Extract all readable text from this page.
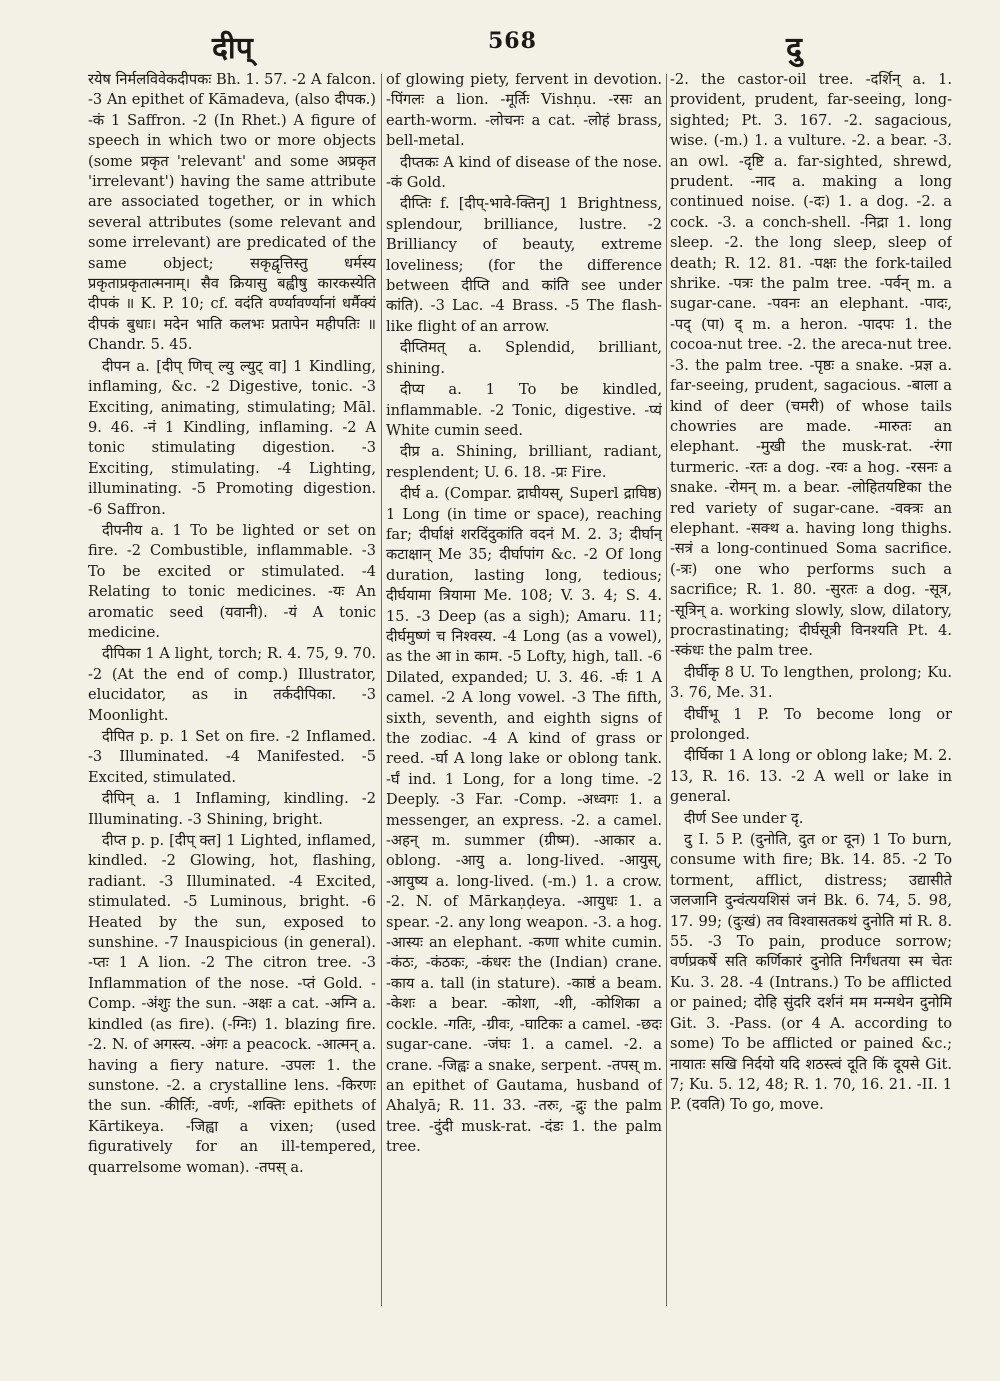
दीप्	568	दु

रयेष निर्मलविवेकदीपकः Bh. 1. 57. -2 A falcon. -3 An epithet of Kāmadeva, (also दीपक.) -कं 1 Saffron. -2 (In Rhet.) A figure of speech in which two or more objects (some प्रकृत 'relevant' and some अप्रकृत 'irrelevant') having the same attribute are associated together, or in which several attributes (some relevant and some irrelevant) are predicated of the same object; सकृद्वृत्तिस्तु धर्मस्य प्रकृताप्रकृतात्मनाम्। सैव क्रियासु बह्वीषु कारकस्येति दीपकं ॥ K. P. 10; cf. वदंति वर्ण्यावर्ण्यानां धर्मैक्यं दीपकं बुधाः। मदेन भाति कलभः प्रतापेन महीपतिः ॥ Chandr. 5. 45.

दीपन a. [दीप् णिच् ल्यु ल्युट् वा] 1 Kindling, inflaming, &c. -2 Digestive, tonic. -3 Exciting, animating, stimulating; Māl. 9. 46. -नं 1 Kindling, inflaming. -2 A tonic stimulating digestion. -3 Exciting, stimulating. -4 Lighting, illuminating. -5 Promoting digestion. -6 Saffron.

दीपनीय a. 1 To be lighted or set on fire. -2 Combustible, inflammable. -3 To be excited or stimulated. -4 Relating to tonic medicines. -यः An aromatic seed (यवानी). -यं A tonic medicine.

दीपिका 1 A light, torch; R. 4. 75, 9. 70. -2 (At the end of comp.) Illustrator, elucidator, as in तर्कदीपिका. -3 Moonlight.

दीपित p. p. 1 Set on fire. -2 Inflamed. -3 Illuminated. -4 Manifested. -5 Excited, stimulated.

दीपिन् a. 1 Inflaming, kindling. -2 Illuminating. -3 Shining, bright.

दीप्त p. p. [दीप् क्त] 1 Lighted, inflamed, kindled. -2 Glowing, hot, flashing, radiant. -3 Illuminated. -4 Excited, stimulated. -5 Luminous, bright. -6 Heated by the sun, exposed to sunshine. -7 Inauspicious (in general). -प्तः 1 A lion. -2 The citron tree. -3 Inflammation of the nose. -प्तं Gold. -Comp. -अंशुः the sun. -अक्षः a cat. -अग्नि a. kindled (as fire). (-ग्निः) 1. blazing fire. -2. N. of अगस्त्य. -अंगः a peacock. -आत्मन् a. having a fiery nature. -उपलः 1. the sunstone. -2. a crystalline lens. -किरणः the sun. -कीर्तिः, -वर्णः, -शक्तिः epithets of Kārtikeya. -जिह्वा a vixen; (used figuratively for an ill-tempered, quarrelsome woman). -तपस् a.

of glowing piety, fervent in devotion. -पिंगलः a lion. -मूर्तिः Vishṇu. -रसः an earth-worm. -लोचनः a cat. -लोहं brass, bell-metal.

दीप्तकः A kind of disease of the nose. -कं Gold.

दीप्तिः f. [दीप्-भावे-क्तिन्] 1 Brightness, splendour, brilliance, lustre. -2 Brilliancy of beauty, extreme loveliness; (for the difference between दीप्ति and कांति see under कांति). -3 Lac. -4 Brass. -5 The flash-like flight of an arrow.

दीप्तिमत् a. Splendid, brilliant, shining.

दीप्य a. 1 To be kindled, inflammable. -2 Tonic, digestive. -प्यं White cumin seed.

दीप्र a. Shining, brilliant, radiant, resplendent; U. 6. 18. -प्रः Fire.

दीर्घ a. (Compar. द्राघीयस्, Superl द्राघिष्ठ) 1 Long (in time or space), reaching far; दीर्घाक्षं शरदिंदुकांति वदनं M. 2. 3; दीर्घान् कटाक्षान् Me 35; दीर्घापांग &c. -2 Of long duration, lasting long, tedious; दीर्घयामा त्रियामा Me. 108; V. 3. 4; S. 4. 15. -3 Deep (as a sigh); Amaru. 11; दीर्घमुष्णं च निश्वस्य. -4 Long (as a vowel), as the आ in काम. -5 Lofty, high, tall. -6 Dilated, expanded; U. 3. 46. -र्घः 1 A camel. -2 A long vowel. -3 The fifth, sixth, seventh, and eighth signs of the zodiac. -4 A kind of grass or reed. -र्घा A long lake or oblong tank. -र्घं ind. 1 Long, for a long time. -2 Deeply. -3 Far. -Comp. -अध्वगः 1. a messenger, an express. -2. a camel. -अहन् m. summer (ग्रीष्म). -आकार a. oblong. -आयु a. long-lived. -आयुस्, -आयुष्य a. long-lived. (-m.) 1. a crow. -2. N. of Mārkaṇḍeya. -आयुधः 1. a spear. -2. any long weapon. -3. a hog. -आस्यः an elephant. -कणा white cumin. -कंठः, -कंठकः, -कंधरः the (Indian) crane. -काय a. tall (in stature). -काष्ठं a beam. -केशः a bear. -कोशा, -शी, -कोशिका a cockle. -गतिः, -ग्रीवः, -घाटिकः a camel. -छदः sugar-cane. -जंघः 1. a camel. -2. a crane. -जिह्वः a snake, serpent. -तपस् m. an epithet of Gautama, husband of Ahalyā; R. 11. 33. -तरुः, -द्रुः the palm tree. -दुंदी musk-rat. -दंडः 1. the palm tree.

-2. the castor-oil tree. -दर्शिन् a. 1. provident, prudent, far-seeing, long-sighted; Pt. 3. 167. -2. sagacious, wise. (-m.) 1. a vulture. -2. a bear. -3. an owl. -दृष्टि a. far-sighted, shrewd, prudent. -नाद a. making a long continued noise. (-दः) 1. a dog. -2. a cock. -3. a conch-shell. -निद्रा 1. long sleep. -2. the long sleep, sleep of death; R. 12. 81. -पक्षः the fork-tailed shrike. -पत्रः the palm tree. -पर्वन् m. a sugar-cane. -पवनः an elephant. -पादः, -पद् (पा) द् m. a heron. -पादपः 1. the cocoa-nut tree. -2. the areca-nut tree. -3. the palm tree. -पृष्ठः a snake. -प्रज्ञ a. far-seeing, prudent, sagacious. -बाला a kind of deer (चमरी) of whose tails chowries are made. -मारुतः an elephant. -मुखी the musk-rat. -रंगा turmeric. -रतः a dog. -रवः a hog. -रसनः a snake. -रोमन् m. a bear. -लोहितयष्टिका the red variety of sugar-cane. -वक्त्रः an elephant. -सक्थ a. having long thighs. -सत्रं a long-continued Soma sacrifice. (-त्रः) one who performs such a sacrifice; R. 1. 80. -सुरतः a dog. -सूत्र, -सूत्रिन् a. working slowly, slow, dilatory, procrastinating; दीर्घसूत्री विनश्यति Pt. 4. -स्कंधः the palm tree.

दीर्घीकृ 8 U. To lengthen, prolong; Ku. 3. 76, Me. 31.

दीर्घीभू 1 P. To become long or prolonged.

दीर्घिका 1 A long or oblong lake; M. 2. 13, R. 16. 13. -2 A well or lake in general.

दीर्ण See under दृ.

दु I. 5 P. (दुनोति, दुत or दून) 1 To burn, consume with fire; Bk. 14. 85. -2 To torment, afflict, distress; उद्यासीते जलजानि दुन्वंत्ययशिसं जनं Bk. 6. 74, 5. 98, 17. 99; (दुःखं) तव विश्वासतकथं दुनोति मां R. 8. 55. -3 To pain, produce sorrow; वर्णप्रकर्षे सति कर्णिकारं दुनोति निर्गंधतया स्म चेतः Ku. 3. 28. -4 (Intrans.) To be afflicted or pained; दोहि सुंदरि दर्शनं मम मन्मथेन दुनोमि Git. 3. -Pass. (or 4 A. according to some) To be afflicted or pained &c.; नायातः सखि निर्दयो यदि शठस्त्वं दूति किं दूयसे Git. 7; Ku. 5. 12, 48; R. 1. 70, 16. 21. -II. 1 P. (दवति) To go, move.
